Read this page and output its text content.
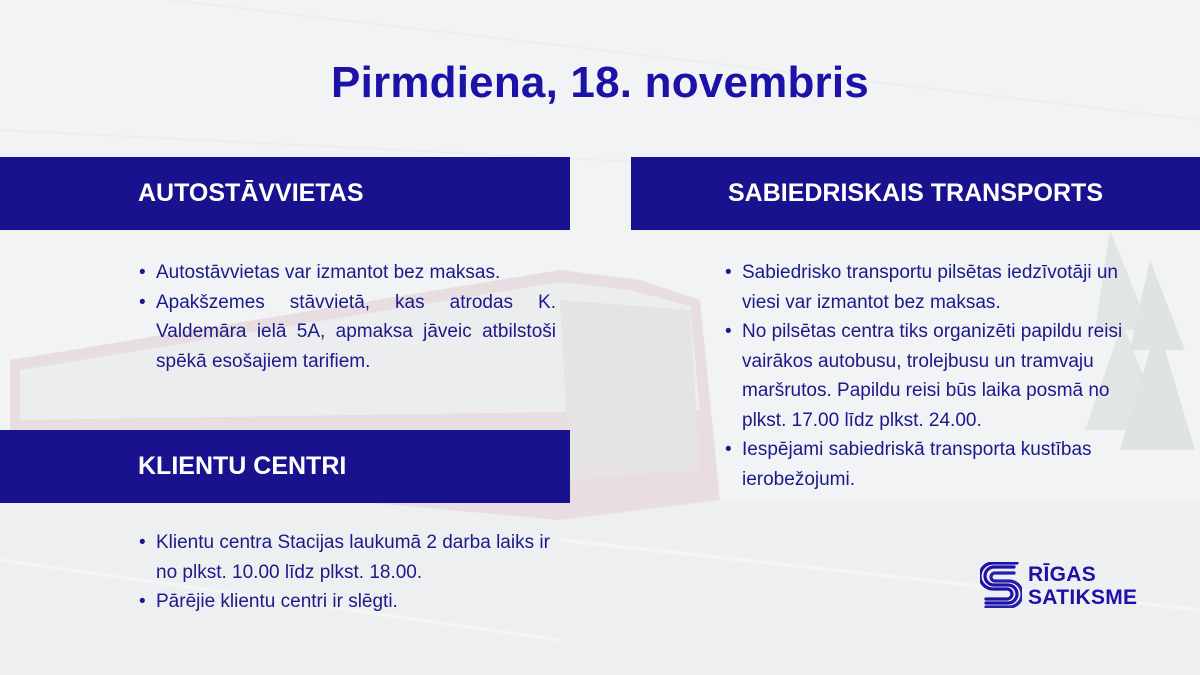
Pirmdiena, 18. novembris
AUTOSTĀVVIETAS
• Autostāvvietas var izmantot bez maksas.
• Apakšzemes stāvvietā, kas atrodas K. Valdemāra ielā 5A, apmaksa jāveic atbilstoši spēkā esošajiem tarifiem.
SABIEDRISKAIS TRANSPORTS
• Sabiedrisko transportu pilsētas iedzīvotāji un viesi var izmantot bez maksas.
• No pilsētas centra tiks organizēti papildu reisi vairākos autobusu, trolejbusu un tramvaju maršrutos. Papildu reisi būs laika posmā no plkst. 17.00 līdz plkst. 24.00.
• Iespējami sabiedriskā transporta kustības ierobežojumi.
KLIENTU CENTRI
• Klientu centra Stacijas laukumā 2 darba laiks ir no plkst. 10.00 līdz plkst. 18.00.
• Pārējie klientu centri ir slēgti.
RĪGAS
SATIKSME
